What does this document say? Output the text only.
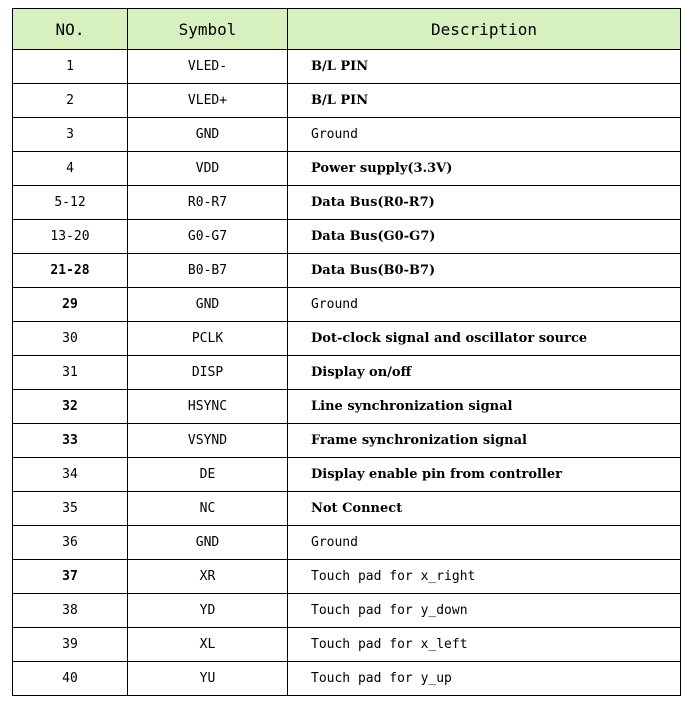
NO.	Symbol	Description
1	VLED-	B/L PIN
2	VLED+	B/L PIN
3	GND	Ground
4	VDD	Power supply(3.3V)
5-12	R0-R7	Data Bus(R0-R7)
13-20	G0-G7	Data Bus(G0-G7)
21-28	B0-B7	Data Bus(B0-B7)
29	GND	Ground
30	PCLK	Dot-clock signal and oscillator source
31	DISP	Display on/off
32	HSYNC	Line synchronization signal
33	VSYND	Frame synchronization signal
34	DE	Display enable pin from controller
35	NC	Not Connect
36	GND	Ground
37	XR	Touch pad for x_right
38	YD	Touch pad for y_down
39	XL	Touch pad for x_left
40	YU	Touch pad for y_up
